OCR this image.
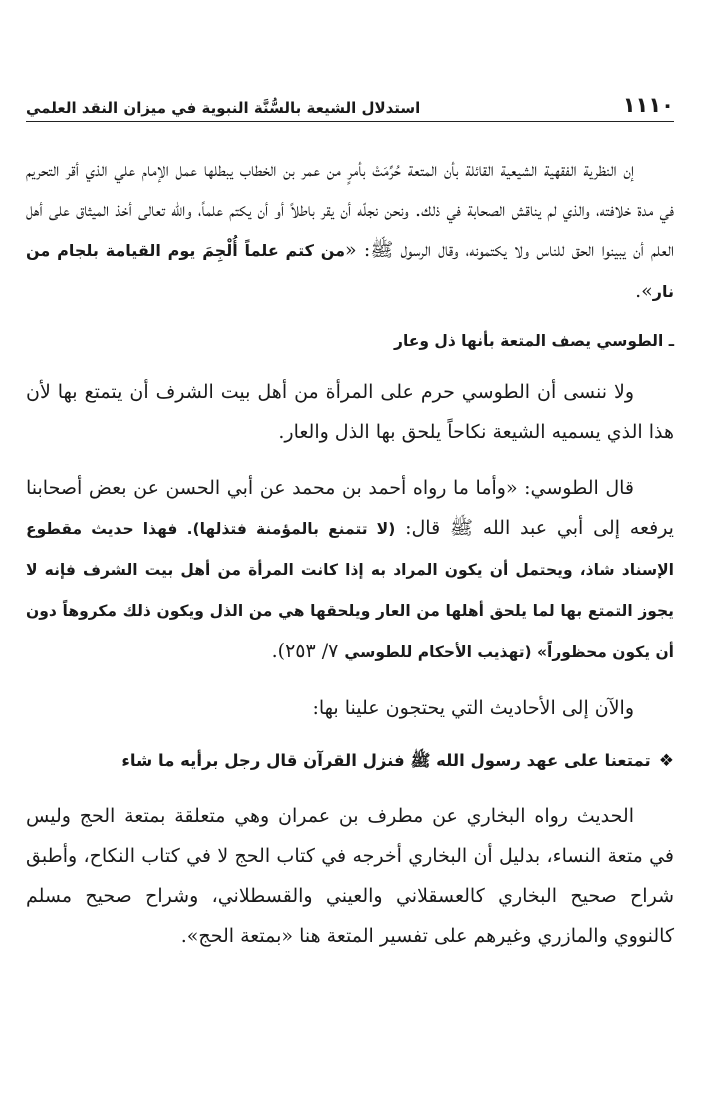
١١١٠
استدلال الشيعة بالسُّنَّة النبوية في ميزان النقد العلمي

إن النظرية الفقهية الشيعية القائلة بأن المتعة حُرِّمَتْ بأمرٍ من عمر بن الخطاب يبطلها عمل الإمام علي الذي أقر التحريم في مدة خلافته، والذي لم يناقش الصحابة في ذلك. ونحن نجلّه أن يقر باطلاً أو أن يكتم علماً، والله تعالى أخذ الميثاق على أهل العلم أن يبينوا الحق للناس ولا يكتمونه، وقال الرسول ﷺ: «من كتم علماً أُلْجِمَ يوم القيامة بلجام من نار».

ـ الطوسي يصف المتعة بأنها ذل وعار

ولا ننسى أن الطوسي حرم على المرأة من أهل بيت الشرف أن يتمتع بها لأن هذا الذي يسميه الشيعة نكاحاً يلحق بها الذل والعار.

قال الطوسي: «وأما ما رواه أحمد بن محمد عن أبي الحسن عن بعض أصحابنا يرفعه إلى أبي عبد الله ﷺ قال: (لا تتمنع بالمؤمنة فتذلها). فهذا حديث مقطوع الإسناد شاذ، ويحتمل أن يكون المراد به إذا كانت المرأة من أهل بيت الشرف فإنه لا يجوز التمتع بها لما يلحق أهلها من العار ويلحقها هي من الذل ويكون ذلك مكروهاً دون أن يكون محظوراً» (تهذيب الأحكام للطوسي ٧/ ٢٥٣).

والآن إلى الأحاديث التي يحتجون علينا بها:

❖
تمتعنا على عهد رسول الله ﷺ فنزل القرآن قال رجل برأيه ما شاء

الحديث رواه البخاري عن مطرف بن عمران وهي متعلقة بمتعة الحج وليس في متعة النساء، بدليل أن البخاري أخرجه في كتاب الحج لا في كتاب النكاح، وأطبق شراح صحيح البخاري كالعسقلاني والعيني والقسطلاني، وشراح صحيح مسلم كالنووي والمازري وغيرهم على تفسير المتعة هنا «بمتعة الحج».
